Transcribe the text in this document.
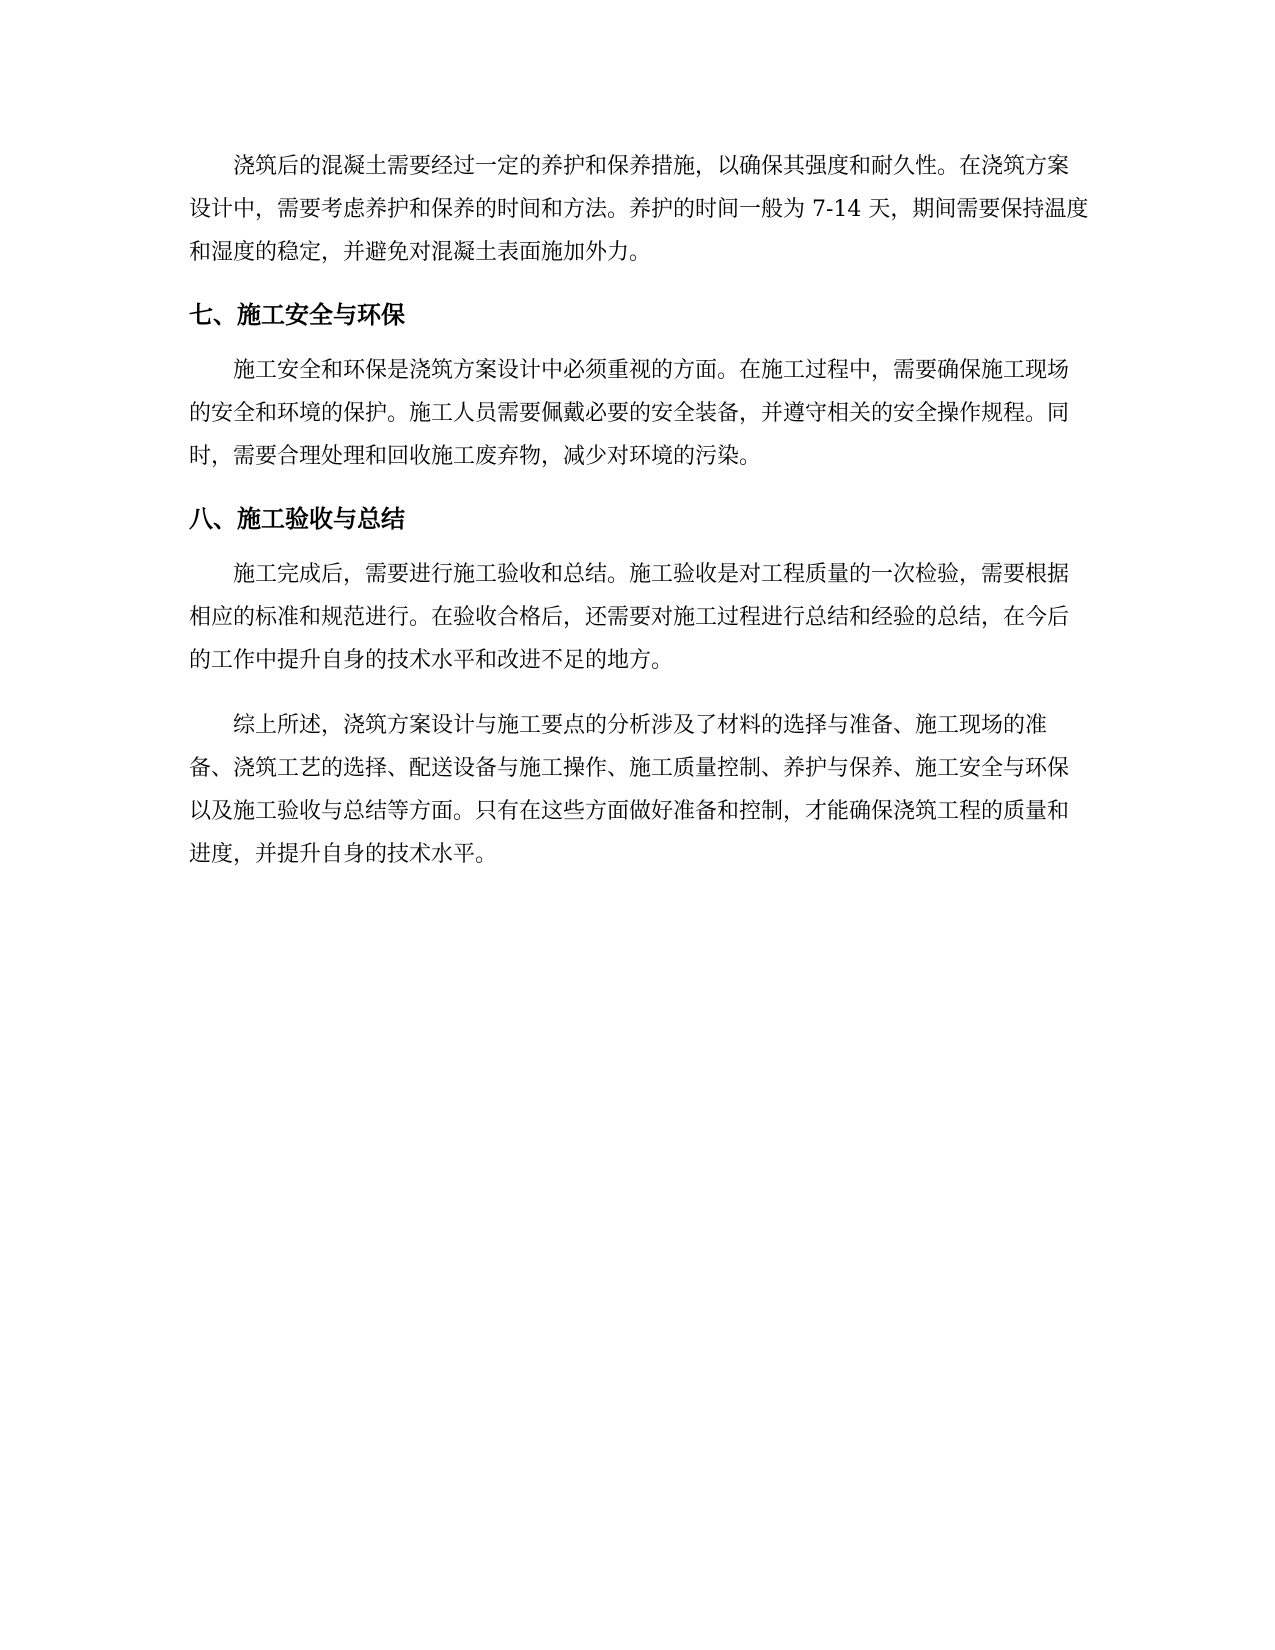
浇筑后的混凝土需要经过一定的养护和保养措施，以确保其强度和耐久性。在浇筑方案设计中，需要考虑养护和保养的时间和方法。养护的时间一般为 7-14 天，期间需要保持温度和湿度的稳定，并避免对混凝土表面施加外力。

七、施工安全与环保

施工安全和环保是浇筑方案设计中必须重视的方面。在施工过程中，需要确保施工现场的安全和环境的保护。施工人员需要佩戴必要的安全装备，并遵守相关的安全操作规程。同时，需要合理处理和回收施工废弃物，减少对环境的污染。

八、施工验收与总结

施工完成后，需要进行施工验收和总结。施工验收是对工程质量的一次检验，需要根据相应的标准和规范进行。在验收合格后，还需要对施工过程进行总结和经验的总结，在今后的工作中提升自身的技术水平和改进不足的地方。

综上所述，浇筑方案设计与施工要点的分析涉及了材料的选择与准备、施工现场的准备、浇筑工艺的选择、配送设备与施工操作、施工质量控制、养护与保养、施工安全与环保以及施工验收与总结等方面。只有在这些方面做好准备和控制，才能确保浇筑工程的质量和进度，并提升自身的技术水平。
